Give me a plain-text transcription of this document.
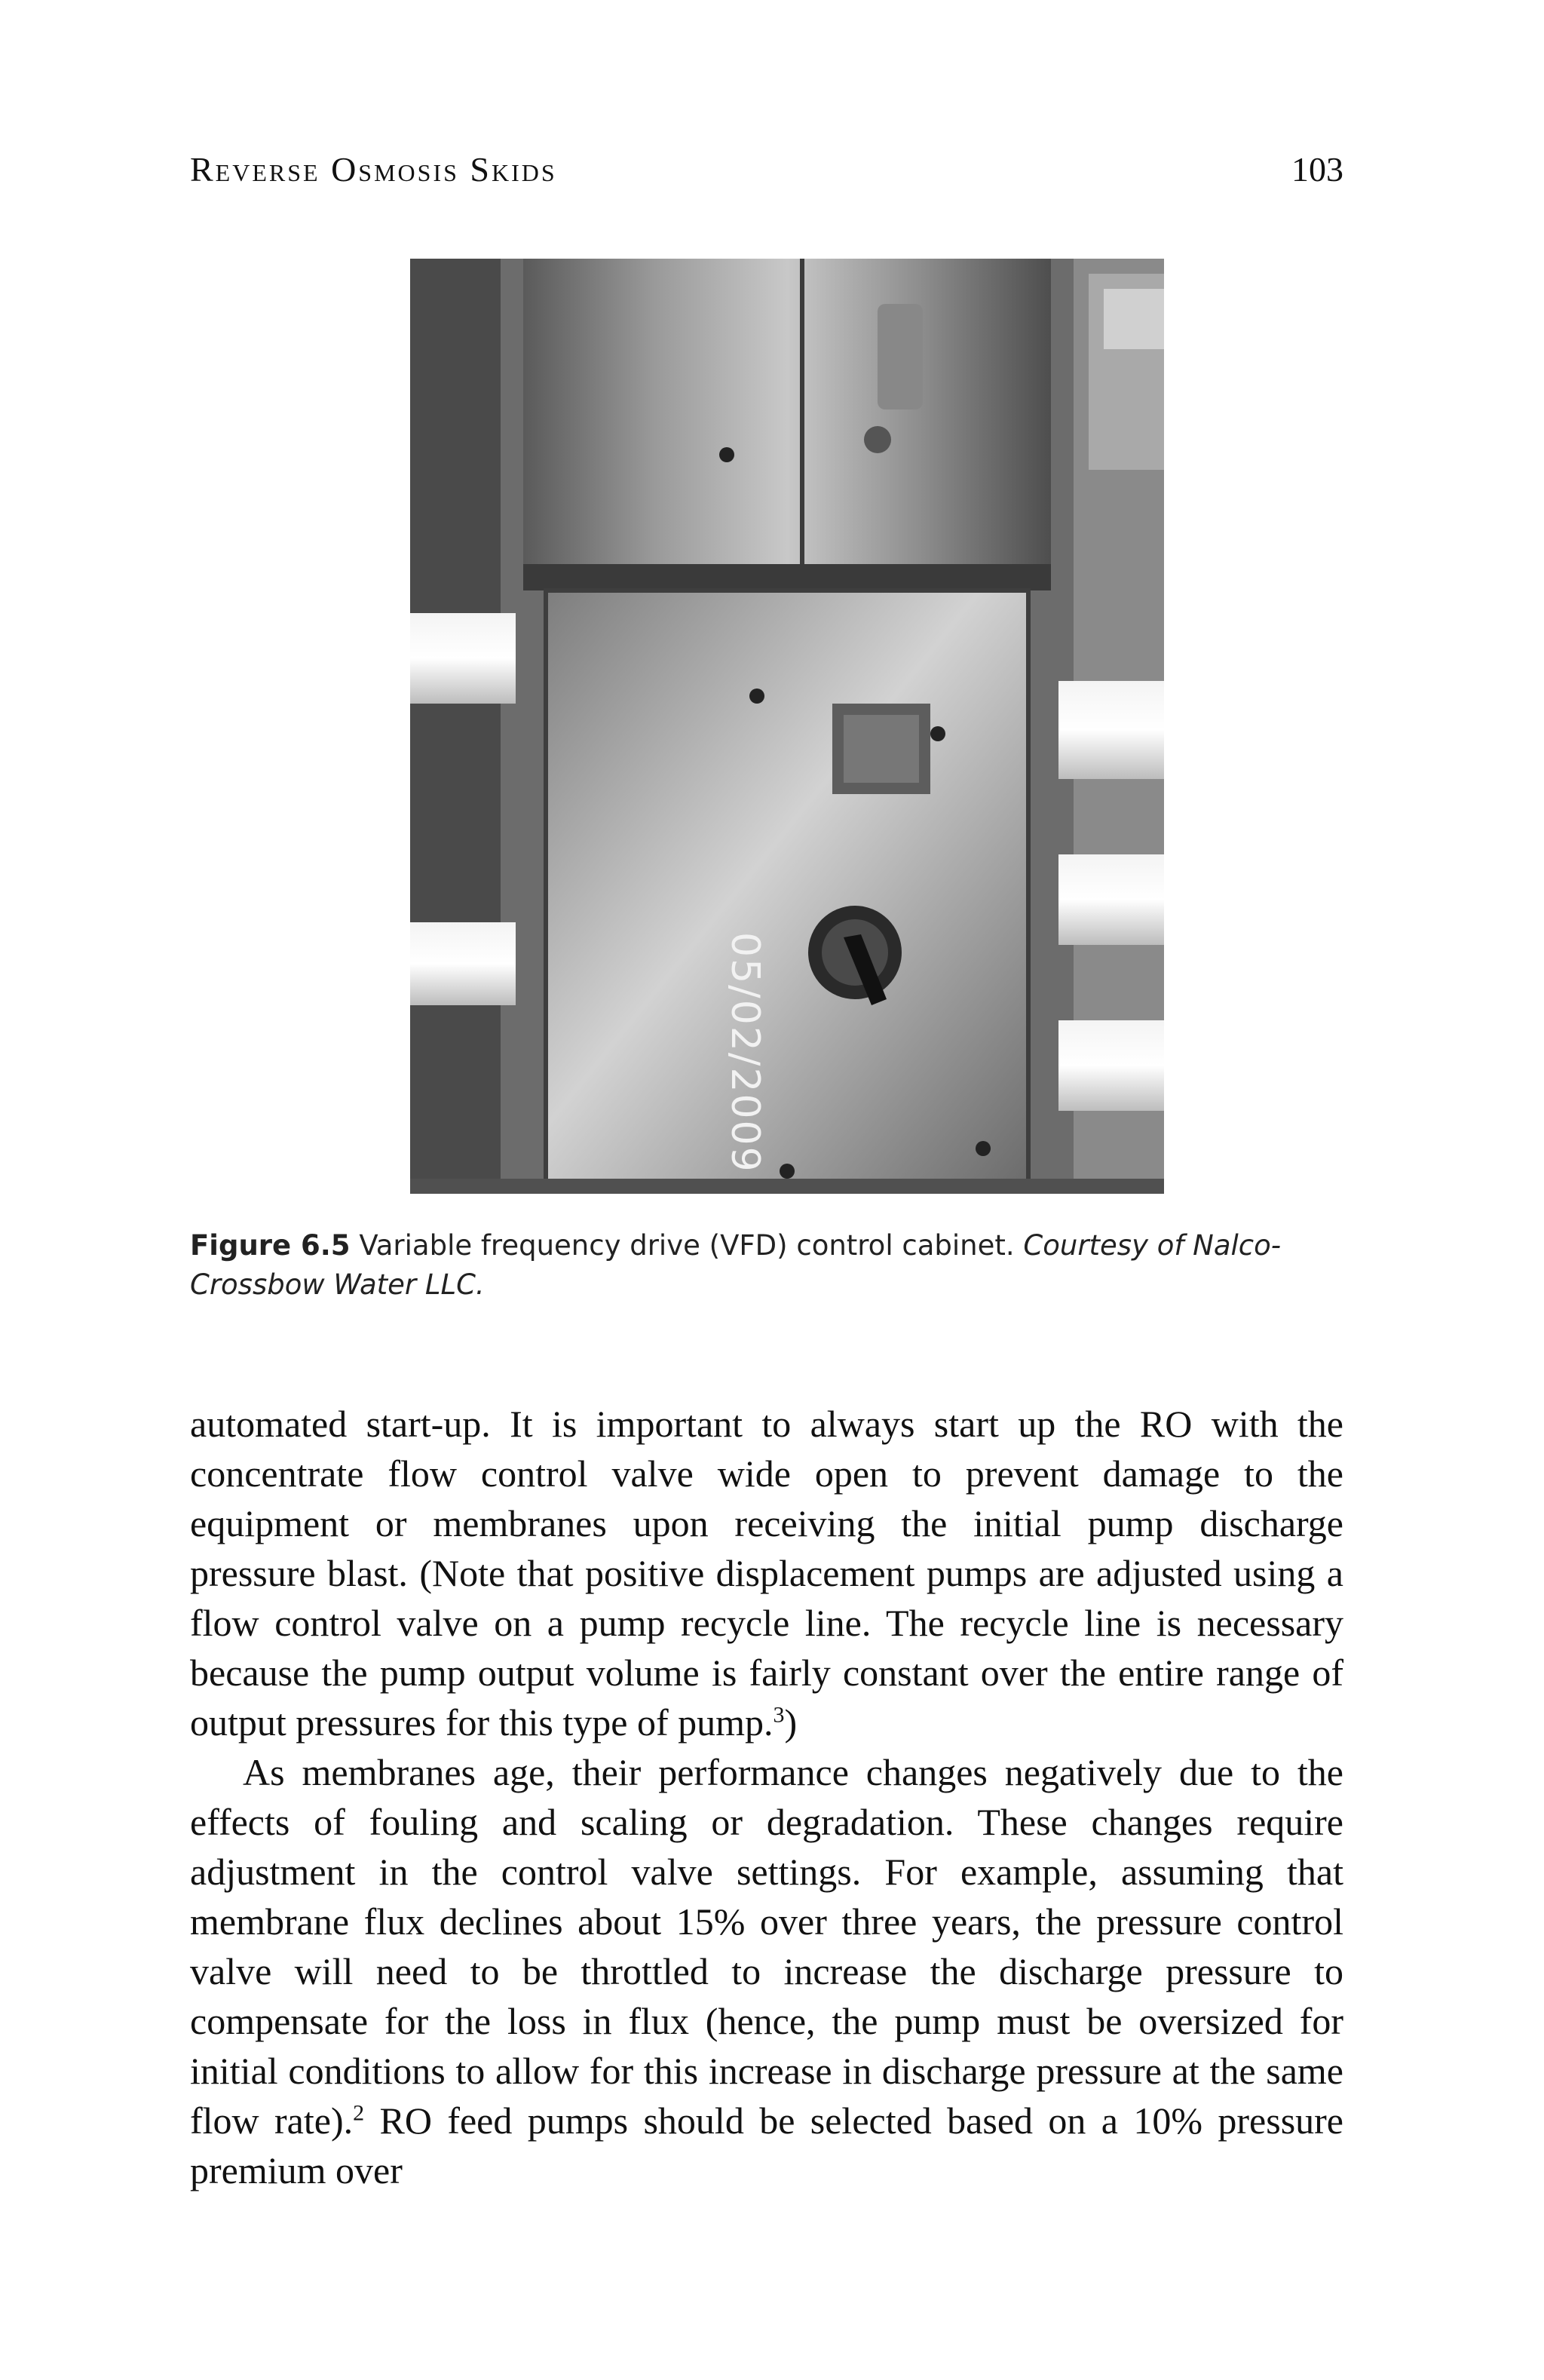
Reverse Osmosis Skids	103
05/02/2009
Figure 6.5 Variable frequency drive (VFD) control cabinet. Courtesy of Nalco-Crossbow Water LLC.

automated start-up. It is important to always start up the RO with the concentrate flow control valve wide open to prevent damage to the equipment or membranes upon receiving the initial pump discharge pressure blast. (Note that positive displacement pumps are adjusted using a flow control valve on a pump recycle line. The recycle line is necessary because the pump output volume is fairly constant over the entire range of output pressures for this type of pump.$^3$)

As membranes age, their performance changes negatively due to the effects of fouling and scaling or degradation. These changes require adjustment in the control valve settings. For example, assuming that membrane flux declines about 15% over three years, the pressure control valve will need to be throttled to increase the discharge pressure to compensate for the loss in flux (hence, the pump must be oversized for initial conditions to allow for this increase in discharge pressure at the same flow rate).$^2$ RO feed pumps should be selected based on a 10% pressure premium over
